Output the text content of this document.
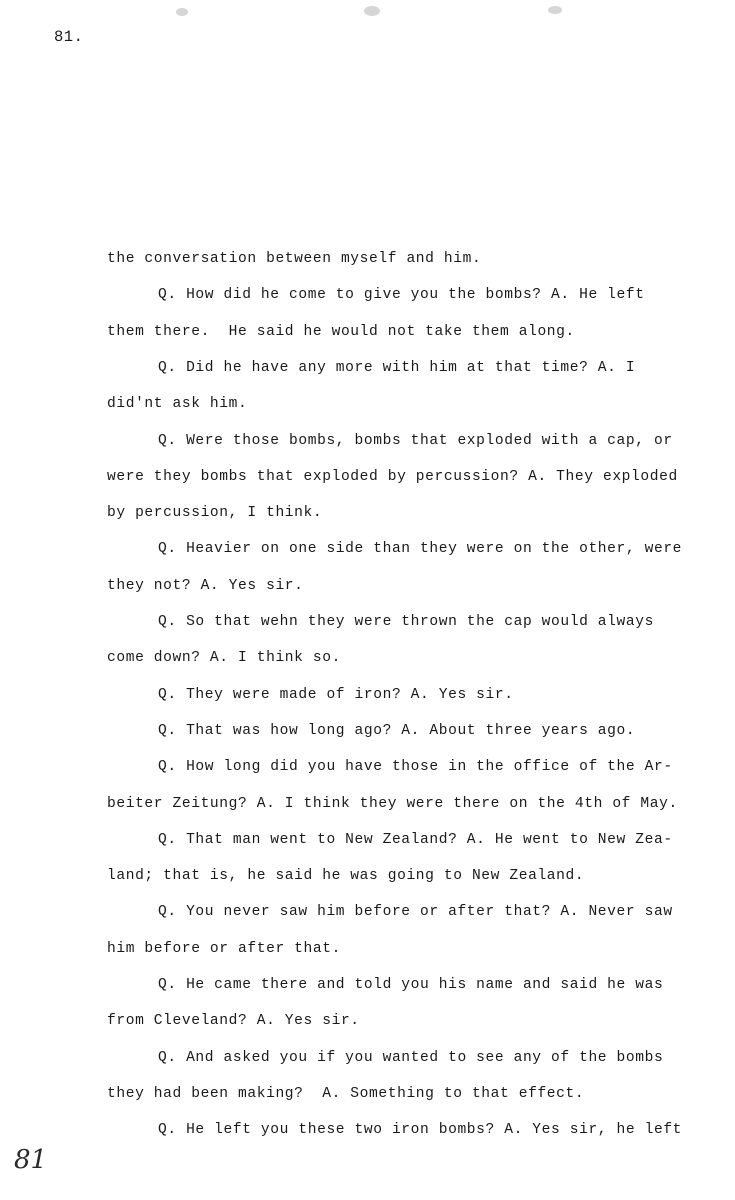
81.
the conversation between myself and him.
Q. How did he come to give you the bombs? A. He left
them there.  He said he would not take them along.
Q. Did he have any more with him at that time? A. I
did'nt ask him.
Q. Were those bombs, bombs that exploded with a cap, or
were they bombs that exploded by percussion? A. They exploded
by percussion, I think.
Q. Heavier on one side than they were on the other, were
they not? A. Yes sir.
Q. So that wehn they were thrown the cap would always
come down? A. I think so.
Q. They were made of iron? A. Yes sir.
Q. That was how long ago? A. About three years ago.
Q. How long did you have those in the office of the Ar-
beiter Zeitung? A. I think they were there on the 4th of May.
Q. That man went to New Zealand? A. He went to New Zea-
land; that is, he said he was going to New Zealand.
Q. You never saw him before or after that? A. Never saw
him before or after that.
Q. He came there and told you his name and said he was
from Cleveland? A. Yes sir.
Q. And asked you if you wanted to see any of the bombs
they had been making?  A. Something to that effect.
Q. He left you these two iron bombs? A. Yes sir, he left
81
